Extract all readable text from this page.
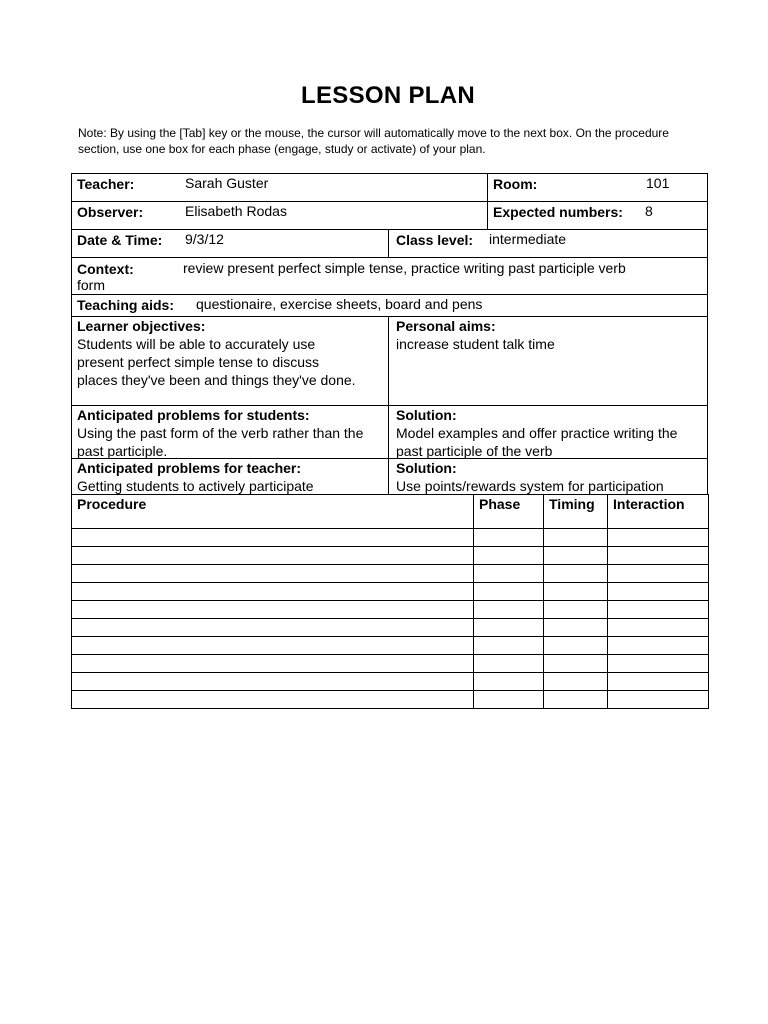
LESSON PLAN
Note: By using the [Tab] key or the mouse, the cursor will automatically move to the next box. On the procedure section, use one box for each phase (engage, study or activate) of your plan.
Teacher:	Sarah Guster	Room:	101
Observer:	Elisabeth Rodas	Expected numbers: 8
Date & Time: 9/3/12	Class level: intermediate
Context:	review present perfect simple tense, practice writing past participle verb
form
Teaching aids: questionaire, exercise sheets, board and pens
Learner objectives:
Students will be able to accurately use present perfect simple tense to discuss places they've been and things they've done.
Personal aims:
increase student talk time
Anticipated problems for students:
Using the past form of the verb rather than the past participle.
Solution:
Model examples and offer practice writing the past participle of the verb
Anticipated problems for teacher:
Getting students to actively participate
Solution:
Use points/rewards system for participation
Procedure	Phase	Timing	Interaction
